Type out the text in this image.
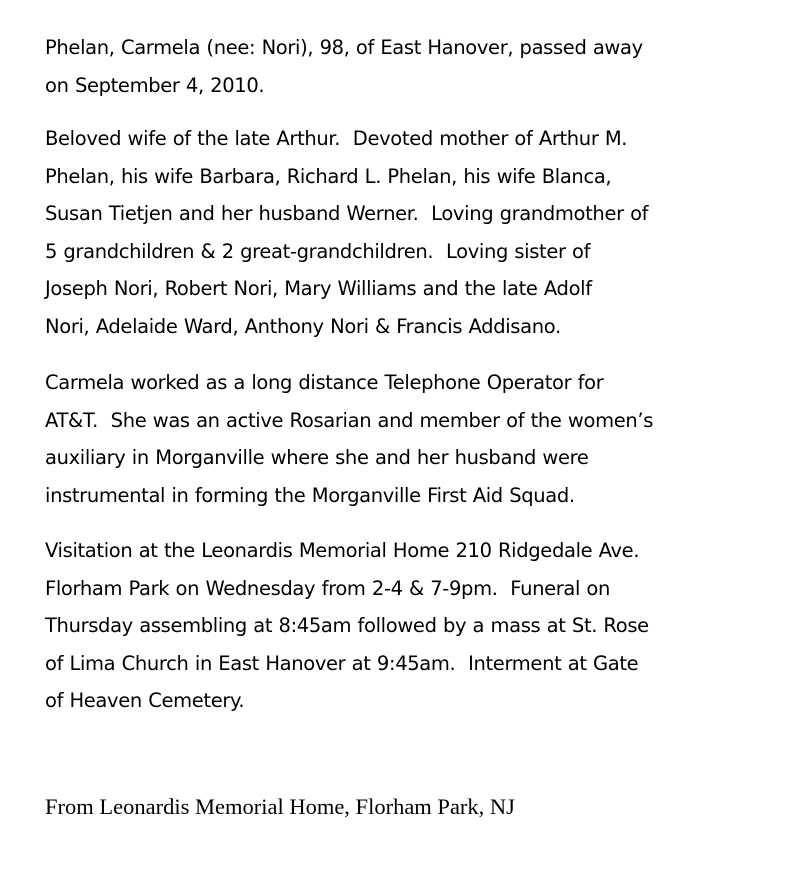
Phelan, Carmela (nee: Nori), 98, of East Hanover, passed away
on September 4, 2010.

Beloved wife of the late Arthur.  Devoted mother of Arthur M.
Phelan, his wife Barbara, Richard L. Phelan, his wife Blanca,
Susan Tietjen and her husband Werner.  Loving grandmother of
5 grandchildren & 2 great-grandchildren.  Loving sister of
Joseph Nori, Robert Nori, Mary Williams and the late Adolf
Nori, Adelaide Ward, Anthony Nori & Francis Addisano.

Carmela worked as a long distance Telephone Operator for
AT&T.  She was an active Rosarian and member of the women’s
auxiliary in Morganville where she and her husband were
instrumental in forming the Morganville First Aid Squad.

Visitation at the Leonardis Memorial Home 210 Ridgedale Ave.
Florham Park on Wednesday from 2-4 & 7-9pm.  Funeral on
Thursday assembling at 8:45am followed by a mass at St. Rose
of Lima Church in East Hanover at 9:45am.  Interment at Gate
of Heaven Cemetery.

From Leonardis Memorial Home, Florham Park, NJ
